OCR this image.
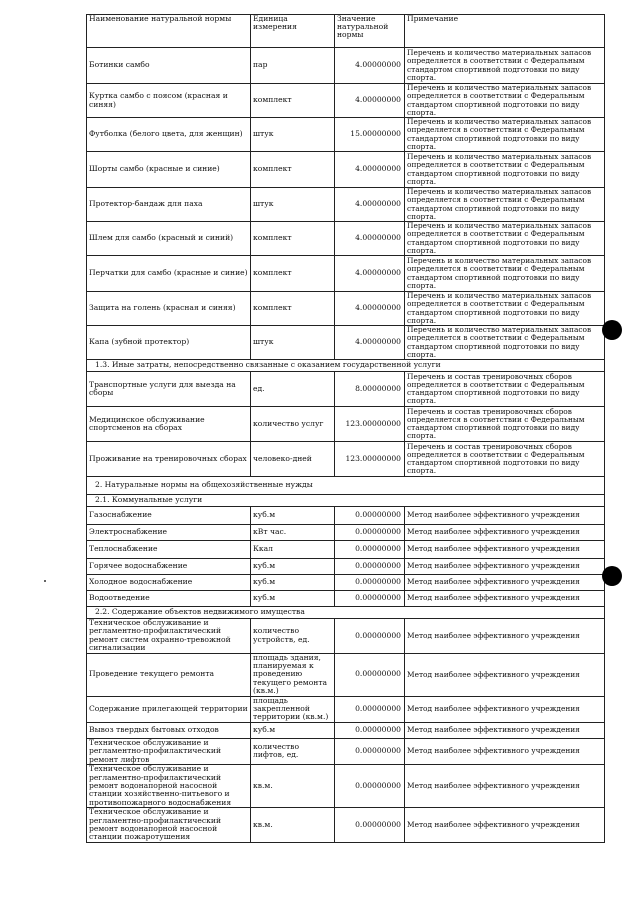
Наименование натуральной нормы	Единица измерения	Значение натуральной нормы	Примечание
Ботинки самбо	пар	4.00000000	Перечень и количество материальных запасов определяется в соответствии с Федеральным стандартом спортивной подготовки по виду спорта.
Куртка самбо с поясом (красная и синяя)	комплект	4.00000000	Перечень и количество материальных запасов определяется в соответствии с Федеральным стандартом спортивной подготовки по виду спорта.
Футболка (белого цвета, для женщин)	штук	15.00000000	Перечень и количество материальных запасов определяется в соответствии с Федеральным стандартом спортивной подготовки по виду спорта.
Шорты самбо (красные и синие)	комплект	4.00000000	Перечень и количество материальных запасов определяется в соответствии с Федеральным стандартом спортивной подготовки по виду спорта.
Протектор-бандаж для паха	штук	4.00000000	Перечень и количество материальных запасов определяется в соответствии с Федеральным стандартом спортивной подготовки по виду спорта.
Шлем для самбо (красный и синий)	комплект	4.00000000	Перечень и количество материальных запасов определяется в соответствии с Федеральным стандартом спортивной подготовки по виду спорта.
Перчатки для самбо (красные и синие)	комплект	4.00000000	Перечень и количество материальных запасов определяется в соответствии с Федеральным стандартом спортивной подготовки по виду спорта.
Защита на голень (красная и синяя)	комплект	4.00000000	Перечень и количество материальных запасов определяется в соответствии с Федеральным стандартом спортивной подготовки по виду спорта.
Капа (зубной протектор)	штук	4.00000000	Перечень и количество материальных запасов определяется в соответствии с Федеральным стандартом спортивной подготовки по виду спорта.
1.3. Иные затраты, непосредственно связанные с оказанием государственной услуги			
Транспортные услуги для выезда на сборы	ед.	8.00000000	Перечень и состав тренировочных сборов определяется в соответствии с Федеральным стандартом спортивной подготовки по виду спорта.
Медицинское обслуживание спортсменов на сборах	количество услуг	123.00000000	Перечень и состав тренировочных сборов определяется в соответствии с Федеральным стандартом спортивной подготовки по виду спорта.
Проживание на тренировочных сборах	человеко-дней	123.00000000	Перечень и состав тренировочных сборов определяется в соответствии с Федеральным стандартом спортивной подготовки по виду спорта.
2. Натуральные нормы на общехозяйственные нужды			
2.1. Коммунальные услуги			
Газоснабжение	куб.м	0.00000000	Метод наиболее эффективного учреждения
Электроснабжение	кВт час.	0.00000000	Метод наиболее эффективного учреждения
Теплоснабжение	Ккал	0.00000000	Метод наиболее эффективного учреждения
Горячее водоснабжение	куб.м	0.00000000	Метод наиболее эффективного учреждения
Холодное водоснабжение	куб.м	0.00000000	Метод наиболее эффективного учреждения
Водоотведение	куб.м	0.00000000	Метод наиболее эффективного учреждения
2.2. Содержание объектов недвижимого имущества			
Техническое обслуживание и регламентно-профилактический ремонт систем охранно-тревожной сигнализации	количество устройств, ед.	0.00000000	Метод наиболее эффективного учреждения
Проведение текущего ремонта	площадь здания, планируемая к проведению текущего ремонта (кв.м.)	0.00000000	Метод наиболее эффективного учреждения
Содержание прилегающей территории	площадь закрепленной территории (кв.м.)	0.00000000	Метод наиболее эффективного учреждения
Вывоз твердых бытовых отходов	куб.м	0.00000000	Метод наиболее эффективного учреждения
Техническое обслуживание и регламентно-профилактический ремонт лифтов	количество лифтов, ед.	0.00000000	Метод наиболее эффективного учреждения
Техническое обслуживание и регламентно-профилактический ремонт водонапорной насосной станции хозяйственно-питьевого и противопожарного водоснабжения	кв.м.	0.00000000	Метод наиболее эффективного учреждения
Техническое обслуживание и регламентно-профилактический ремонт водонапорной насосной станции пожаротушения	кв.м.	0.00000000	Метод наиболее эффективного учреждения
